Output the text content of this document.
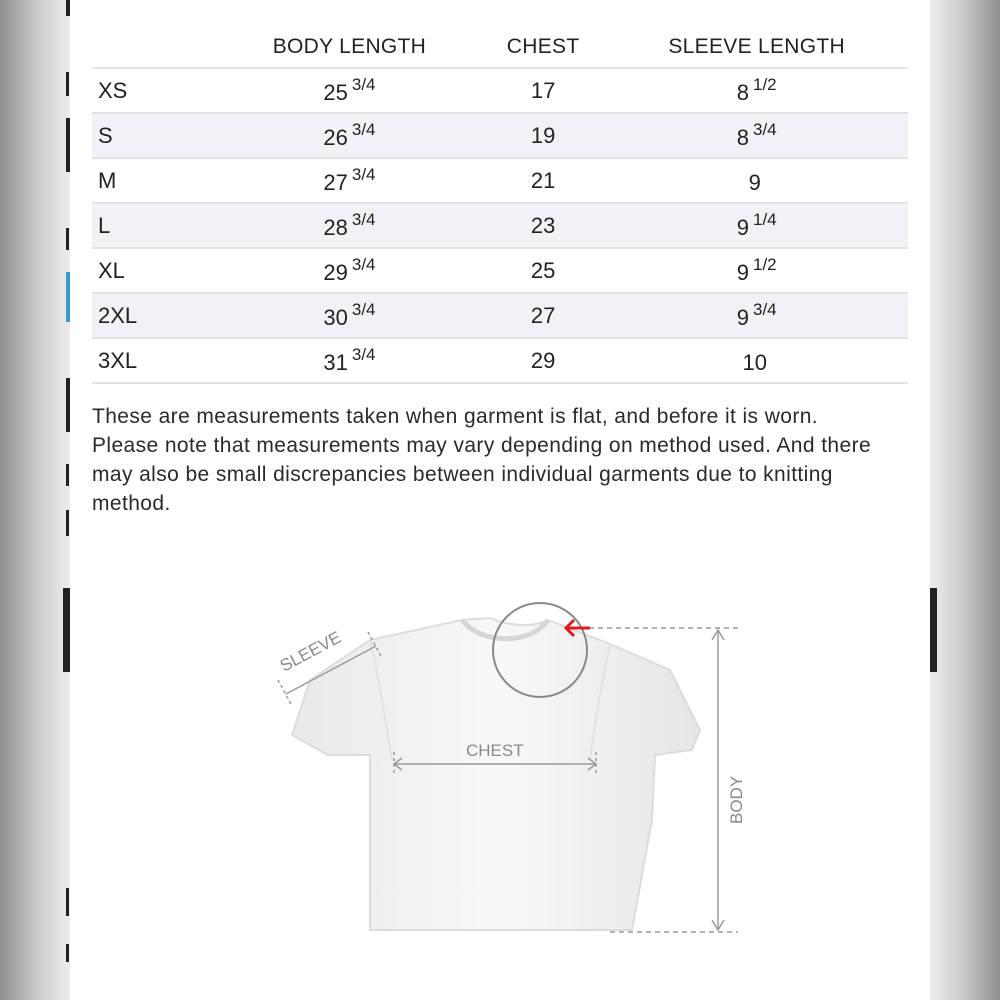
	BODY LENGTH	CHEST	SLEEVE LENGTH
XS	25 $^{3/4}$	17	8 $^{1/2}$
S	26 $^{3/4}$	19	8 $^{3/4}$
M	27 $^{3/4}$	21	9
L	28 $^{3/4}$	23	9 $^{1/4}$
XL	29 $^{3/4}$	25	9 $^{1/2}$
2XL	30 $^{3/4}$	27	9 $^{3/4}$
3XL	31 $^{3/4}$	29	10
These are measurements taken when garment is flat, and before it is worn. Please note that measurements may vary depending on method used. And there may also be small discrepancies between individual garments due to knitting method.
SLEEVE
CHEST
BODY
